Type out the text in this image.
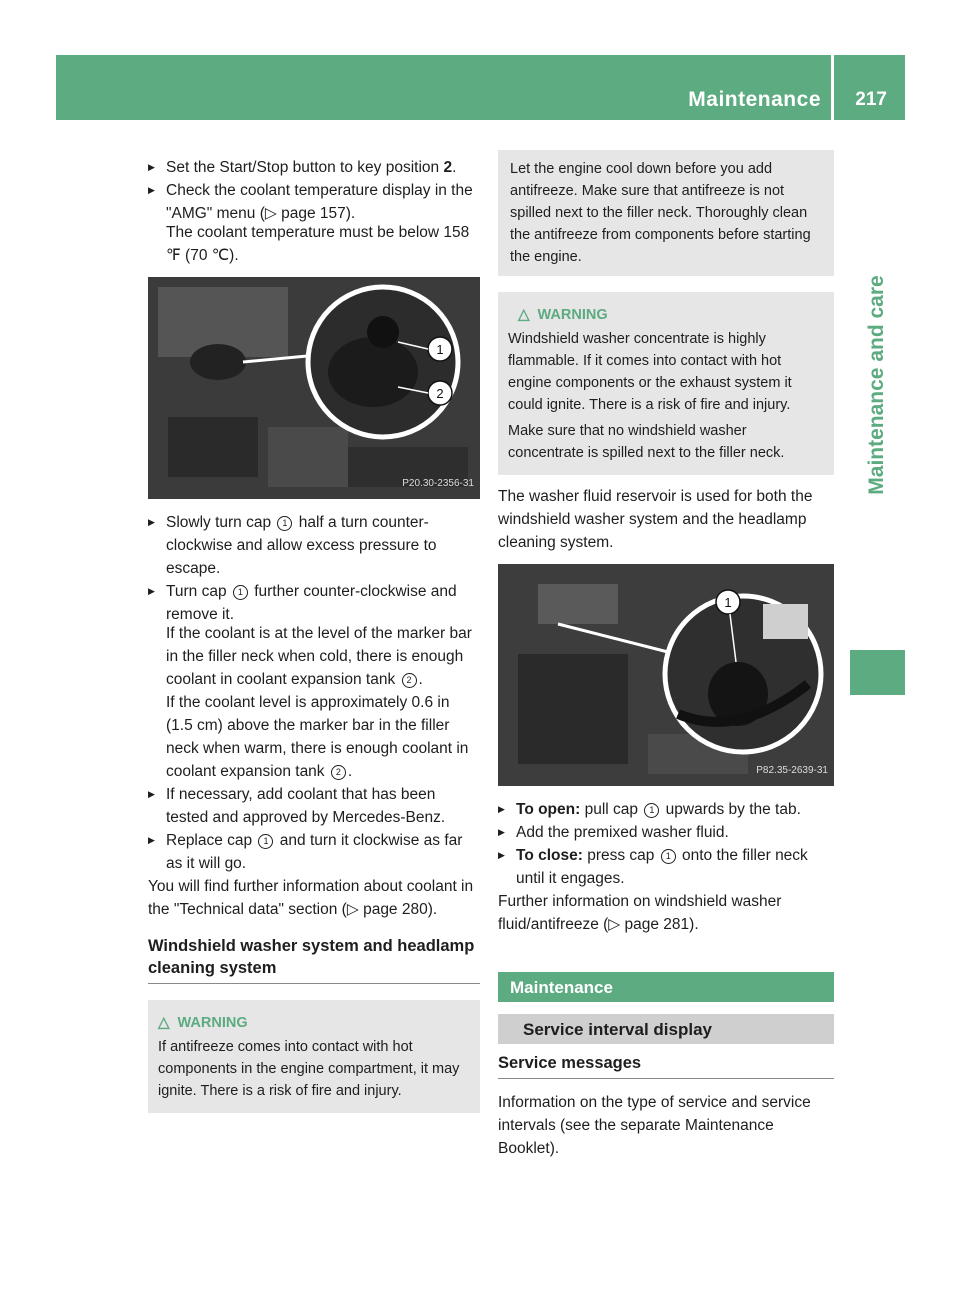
Maintenance 217
Maintenance and care

▶ Set the Start/Stop button to key position 2.

▶ Check the coolant temperature display in the "AMG" menu (▷ page 157).

The coolant temperature must be below 158 ℉ (70 ℃).

1
2
P20.30-2356-31

▶ Slowly turn cap 1 half a turn counter-clockwise and allow excess pressure to escape.

▶ Turn cap 1 further counter-clockwise and remove it.

If the coolant is at the level of the marker bar in the filler neck when cold, there is enough coolant in coolant expansion tank 2 .

If the coolant level is approximately 0.6 in (1.5 cm) above the marker bar in the filler neck when warm, there is enough coolant in coolant expansion tank 2 .

▶ If necessary, add coolant that has been tested and approved by Mercedes-Benz.

▶ Replace cap 1 and turn it clockwise as far as it will go.

You will find further information about coolant in the "Technical data" section (▷ page 280).

Windshield washer system and headlamp cleaning system
△ WARNING

If antifreeze comes into contact with hot components in the engine compartment, it may ignite. There is a risk of fire and injury.

Let the engine cool down before you add antifreeze. Make sure that antifreeze is not spilled next to the filler neck. Thoroughly clean the antifreeze from components before starting the engine.

△ WARNING

Windshield washer concentrate is highly flammable. If it comes into contact with hot engine components or the exhaust system it could ignite. There is a risk of fire and injury.

Make sure that no windshield washer concentrate is spilled next to the filler neck.

The washer fluid reservoir is used for both the windshield washer system and the headlamp cleaning system.

1
P82.35-2639-31

▶ To open: pull cap 1 upwards by the tab.

▶ Add the premixed washer fluid.

▶ To close: press cap 1 onto the filler neck until it engages.

Further information on windshield washer fluid/antifreeze (▷ page 281).

Maintenance
Service interval display
Service messages

Information on the type of service and service intervals (see the separate Maintenance Booklet).
